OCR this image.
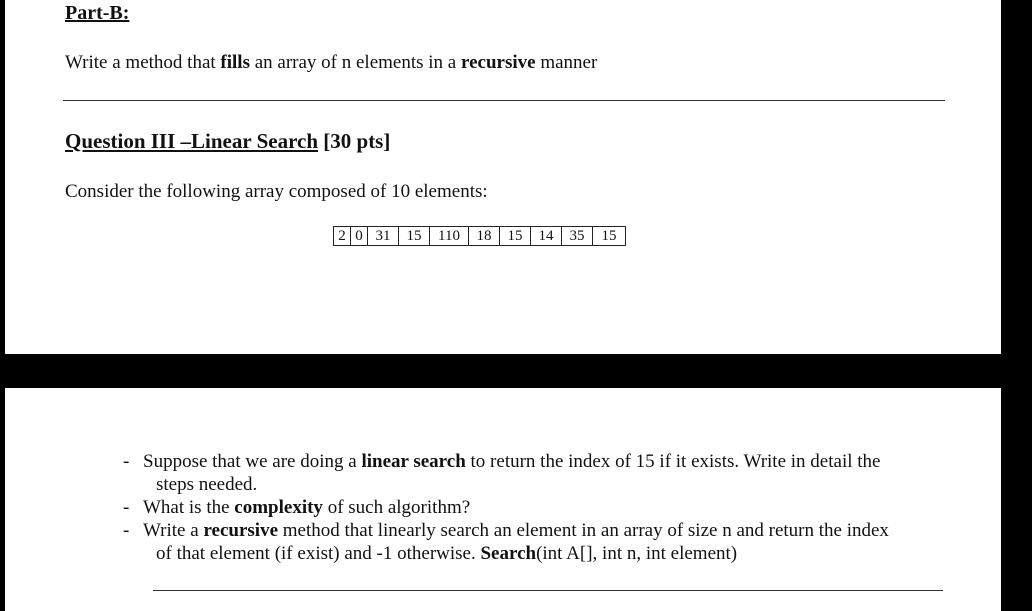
Part-B:

Write a method that fills an array of n elements in a recursive manner

Question III –Linear Search [30 pts]

Consider the following array composed of 10 elements:

2	0	31	15	110	18	15	14	35	15
- Suppose that we are doing a linear search to return the index of 15 if it exists. Write in detail the
steps needed.
- What is the complexity of such algorithm?
- Write a recursive method that linearly search an element in an array of size n and return the index
of that element (if exist) and -1 otherwise. Search(int A[], int n, int element)
